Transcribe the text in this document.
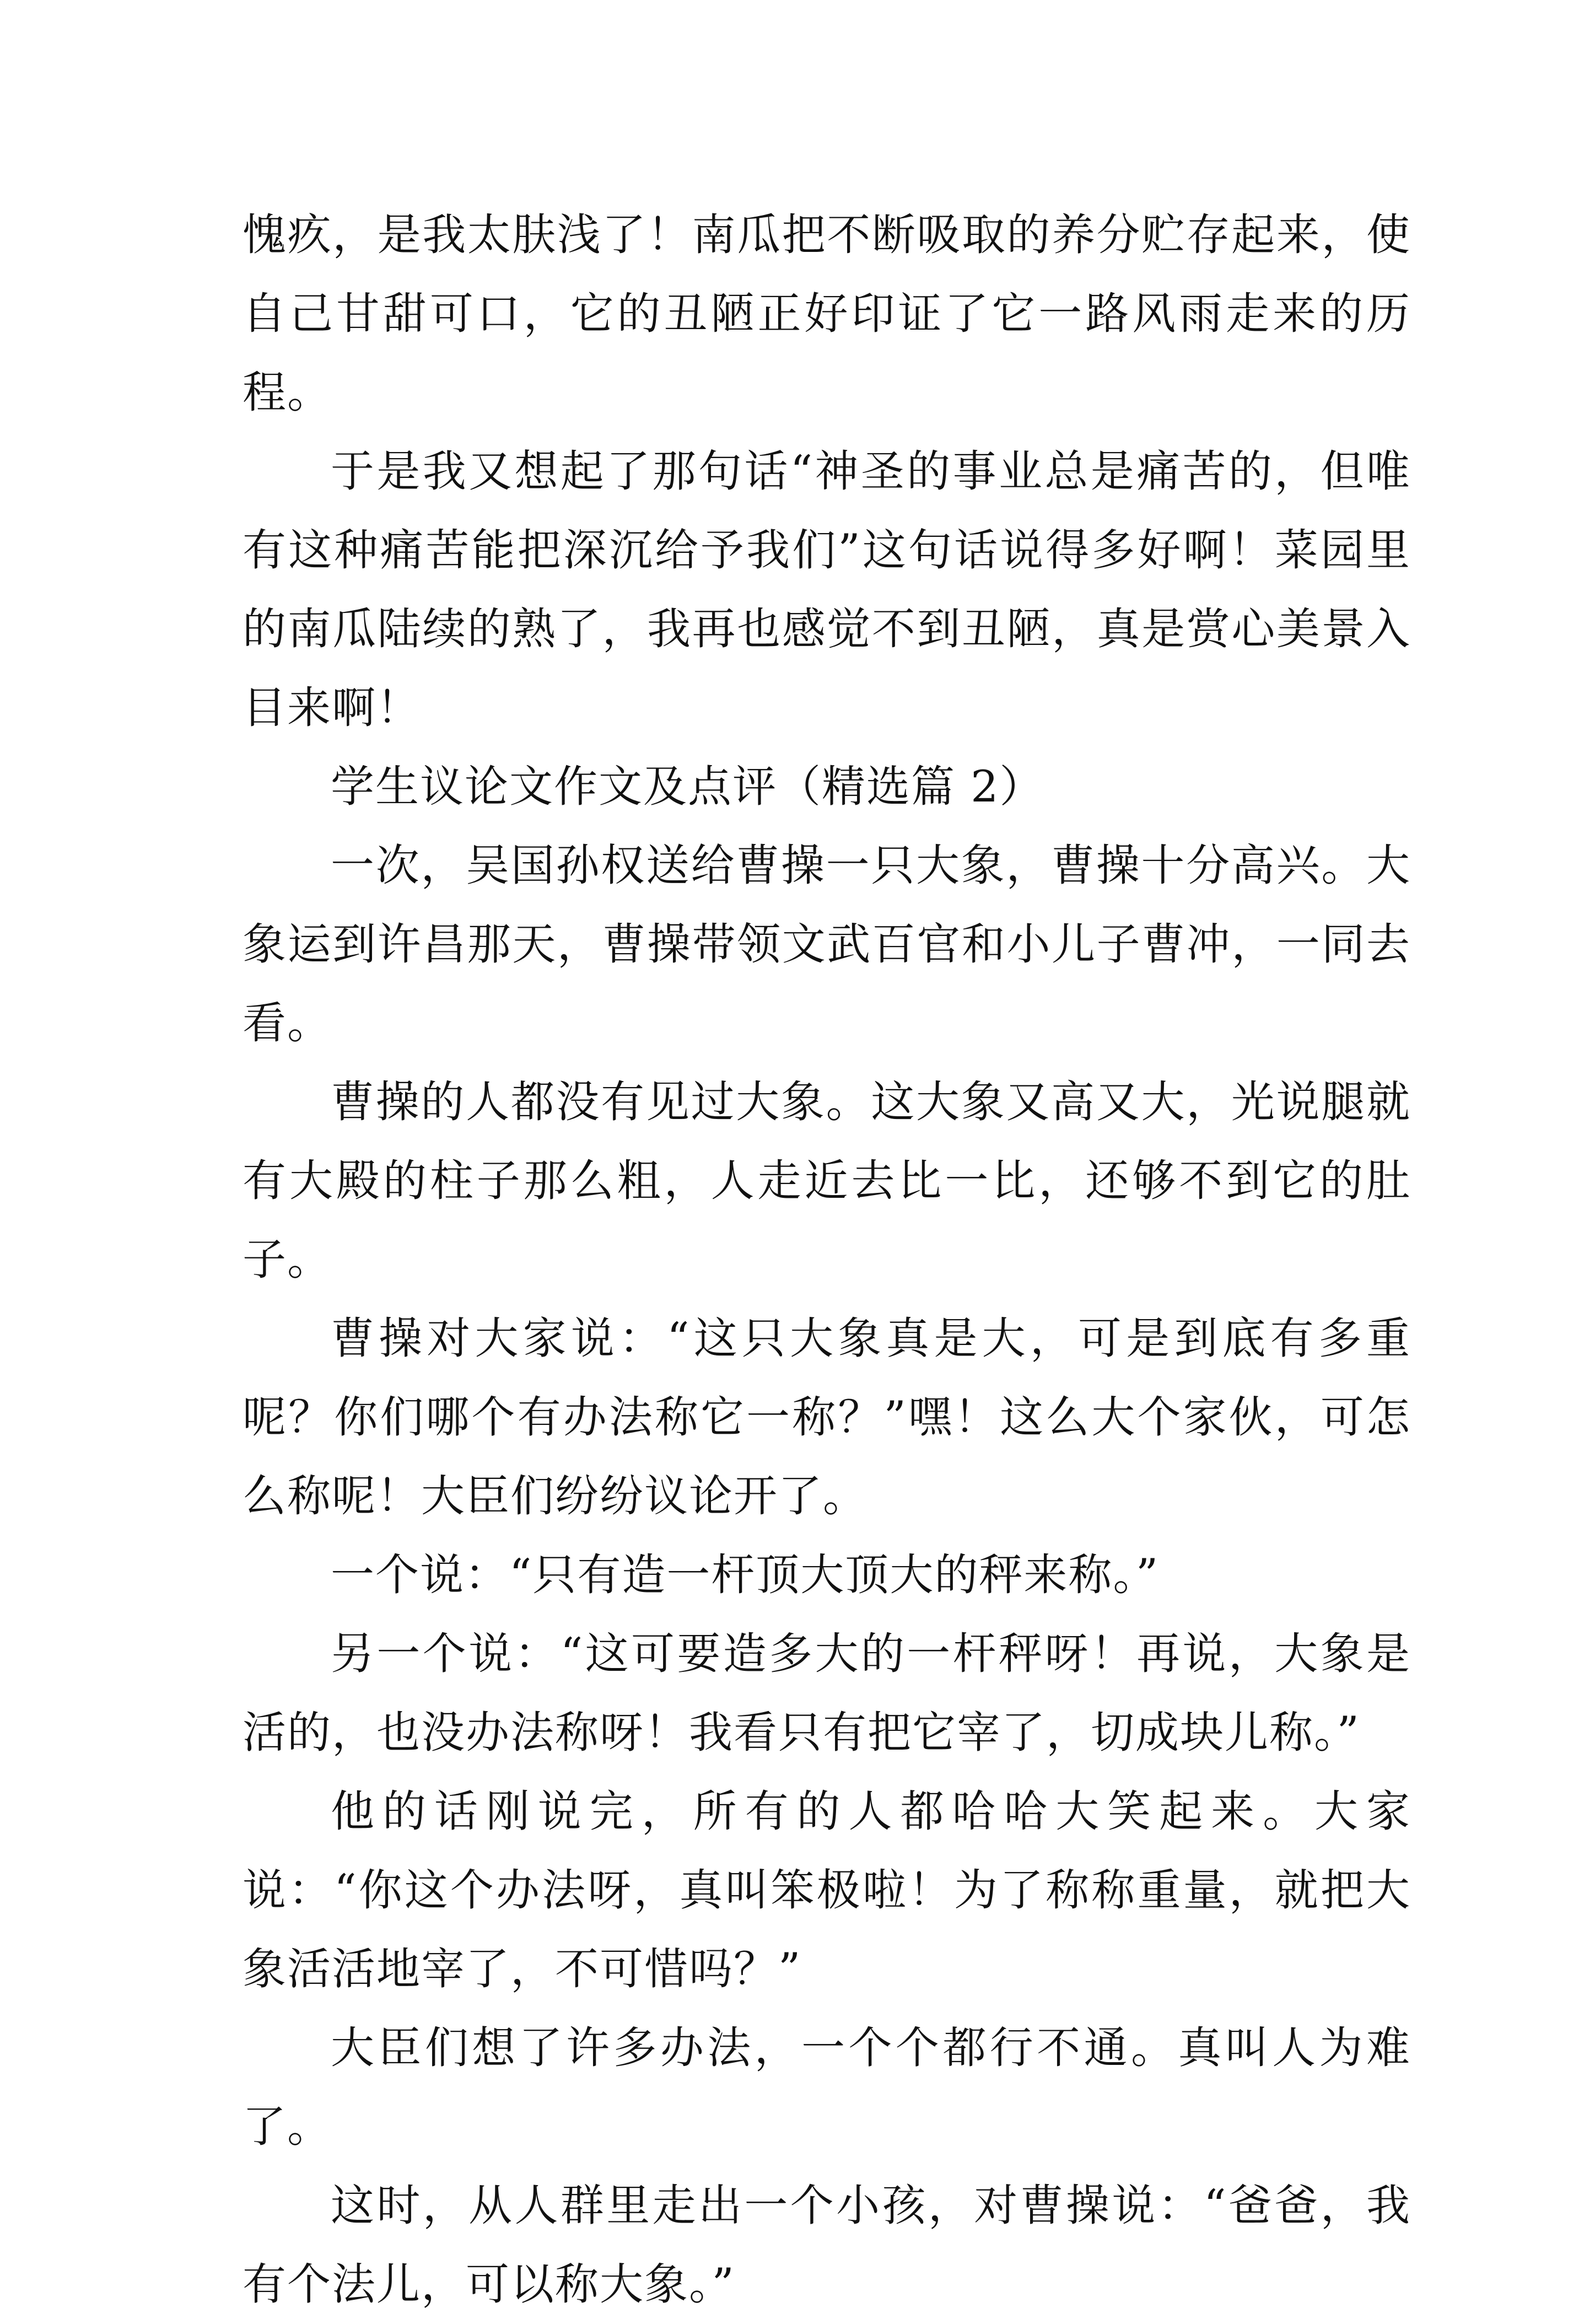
愧疚，是我太肤浅了！南瓜把不断吸取的养分贮存起来，使自己甘甜可口，它的丑陋正好印证了它一路风雨走来的历程。

于是我又想起了那句话“神圣的事业总是痛苦的，但唯有这种痛苦能把深沉给予我们”这句话说得多好啊！菜园里的南瓜陆续的熟了，我再也感觉不到丑陋，真是赏心美景入目来啊！

学生议论文作文及点评（精选篇 2）

一次，吴国孙权送给曹操一只大象，曹操十分高兴。大象运到许昌那天，曹操带领文武百官和小儿子曹冲，一同去看。

曹操的人都没有见过大象。这大象又高又大，光说腿就有大殿的柱子那么粗，人走近去比一比，还够不到它的肚子。

曹操对大家说：“这只大象真是大，可是到底有多重呢？你们哪个有办法称它一称？”嘿！这么大个家伙，可怎么称呢！大臣们纷纷议论开了。

一个说：“只有造一杆顶大顶大的秤来称。”

另一个说：“这可要造多大的一杆秤呀！再说，大象是活的，也没办法称呀！我看只有把它宰了，切成块儿称。”

他的话刚说完，所有的人都哈哈大笑起来。大家说：“你这个办法呀，真叫笨极啦！为了称称重量，就把大象活活地宰了，不可惜吗？”

大臣们想了许多办法，一个个都行不通。真叫人为难了。

这时，从人群里走出一个小孩，对曹操说：“爸爸，我有个法儿，可以称大象。”
